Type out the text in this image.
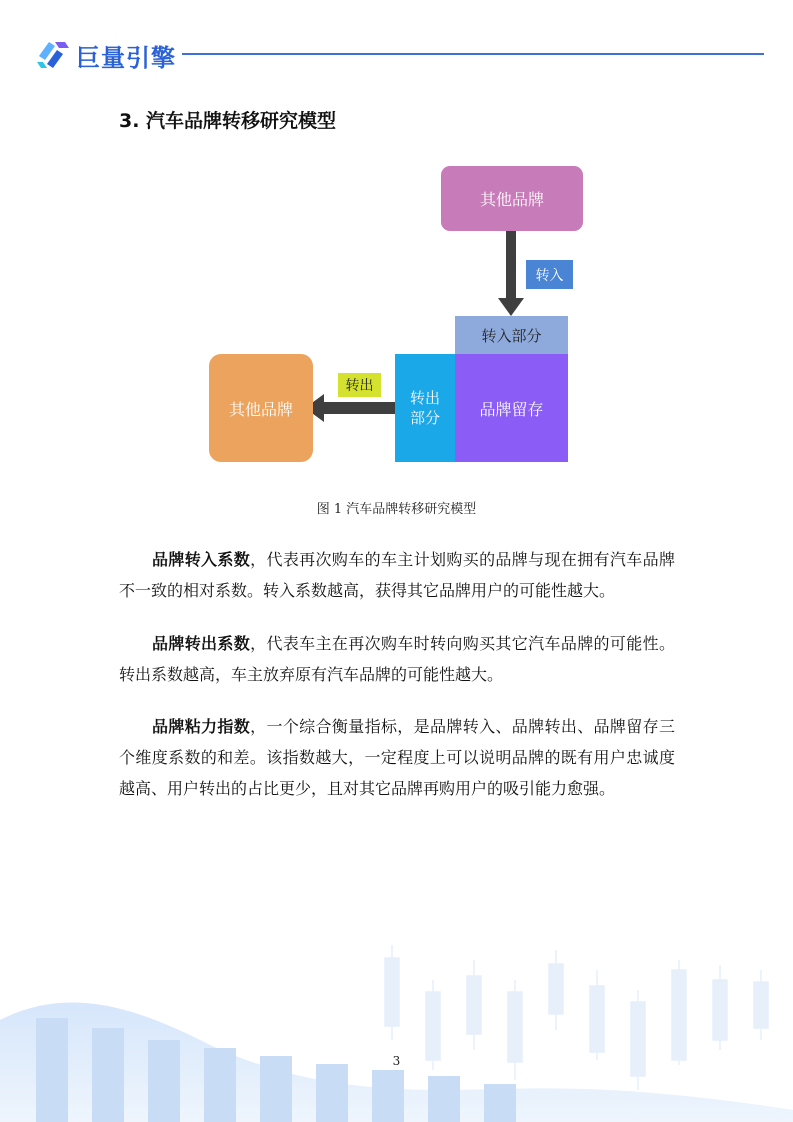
巨量引擎
3. 汽车品牌转移研究模型
其他品牌
转入
转入部分
转出
部分	品牌留存
转出
其他品牌
图 1 汽车品牌转移研究模型
品牌转入系数，代表再次购车的车主计划购买的品牌与现在拥有汽车品牌不一致的相对系数。转入系数越高，获得其它品牌用户的可能性越大。
品牌转出系数，代表车主在再次购车时转向购买其它汽车品牌的可能性。转出系数越高，车主放弃原有汽车品牌的可能性越大。
品牌粘力指数，一个综合衡量指标，是品牌转入、品牌转出、品牌留存三个维度系数的和差。该指数越大，一定程度上可以说明品牌的既有用户忠诚度越高、用户转出的占比更少，且对其它品牌再购用户的吸引能力愈强。
3
